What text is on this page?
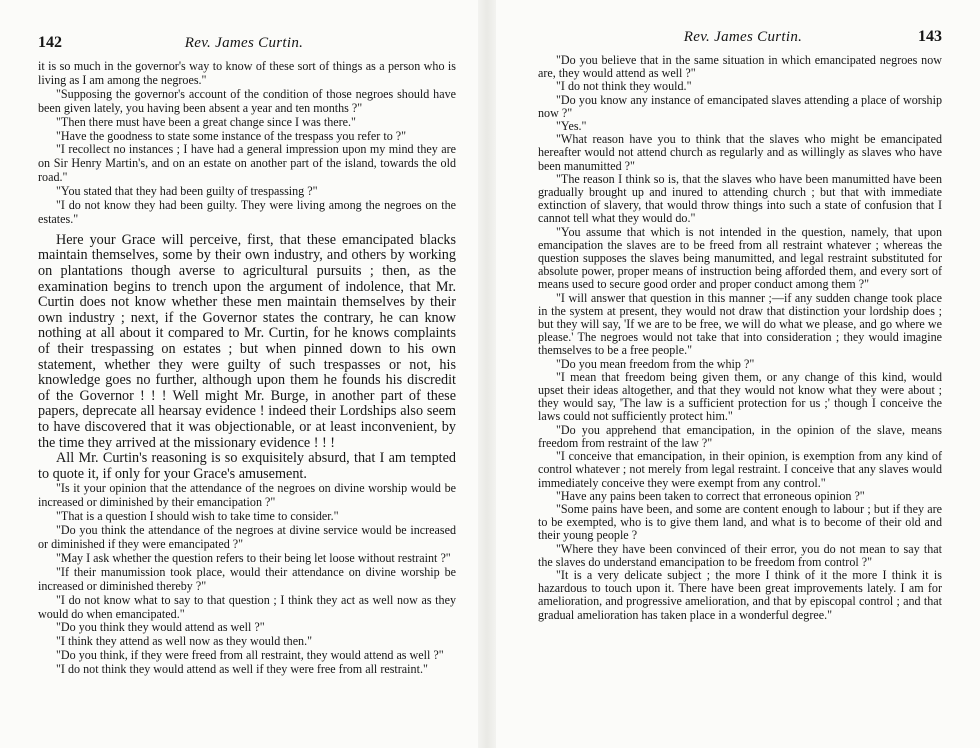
142	Rev. James Curtin.

it is so much in the governor's way to know of these sort of things as a person who is living as I am among the negroes."

"Supposing the governor's account of the condition of those negroes should have been given lately, you having been absent a year and ten months ?"

"Then there must have been a great change since I was there."

"Have the goodness to state some instance of the trespass you refer to ?"

"I recollect no instances ; I have had a general impression upon my mind they are on Sir Henry Martin's, and on an estate on another part of the island, towards the old road."

"You stated that they had been guilty of trespassing ?"

"I do not know they had been guilty. They were living among the negroes on the estates."

Here your Grace will perceive, first, that these emancipated blacks maintain themselves, some by their own industry, and others by working on plantations though averse to agricultural pursuits ; then, as the examination begins to trench upon the argument of indolence, that Mr. Curtin does not know whether these men maintain themselves by their own industry ; next, if the Governor states the contrary, he can know nothing at all about it compared to Mr. Curtin, for he knows complaints of their trespassing on estates ; but when pinned down to his own statement, whether they were guilty of such trespasses or not, his knowledge goes no further, although upon them he founds his discredit of the Governor ! ! ! Well might Mr. Burge, in another part of these papers, deprecate all hearsay evidence ! indeed their Lordships also seem to have discovered that it was objectionable, or at least inconvenient, by the time they arrived at the missionary evidence ! ! !

All Mr. Curtin's reasoning is so exquisitely absurd, that I am tempted to quote it, if only for your Grace's amusement.

"Is it your opinion that the attendance of the negroes on divine worship would be increased or diminished by their emancipation ?"

"That is a question I should wish to take time to consider."

"Do you think the attendance of the negroes at divine service would be increased or diminished if they were emancipated ?"

"May I ask whether the question refers to their being let loose without restraint ?"

"If their manumission took place, would their attendance on divine worship be increased or diminished thereby ?"

"I do not know what to say to that question ; I think they act as well now as they would do when emancipated."

"Do you think they would attend as well ?"

"I think they attend as well now as they would then."

"Do you think, if they were freed from all restraint, they would attend as well ?"

"I do not think they would attend as well if they were free from all restraint."

Rev. James Curtin.	143

"Do you believe that in the same situation in which emancipated negroes now are, they would attend as well ?"

"I do not think they would."

"Do you know any instance of emancipated slaves attending a place of worship now ?"

"Yes."

"What reason have you to think that the slaves who might be emancipated hereafter would not attend church as regularly and as willingly as slaves who have been manumitted ?"

"The reason I think so is, that the slaves who have been manumitted have been gradually brought up and inured to attending church ; but that with immediate extinction of slavery, that would throw things into such a state of confusion that I cannot tell what they would do."

"You assume that which is not intended in the question, namely, that upon emancipation the slaves are to be freed from all restraint whatever ; whereas the question supposes the slaves being manumitted, and legal restraint substituted for absolute power, proper means of instruction being afforded them, and every sort of means used to secure good order and proper conduct among them ?"

"I will answer that question in this manner ;—if any sudden change took place in the system at present, they would not draw that distinction your lordship does ; but they will say, 'If we are to be free, we will do what we please, and go where we please.' The negroes would not take that into consideration ; they would imagine themselves to be a free people."

"Do you mean freedom from the whip ?"

"I mean that freedom being given them, or any change of this kind, would upset their ideas altogether, and that they would not know what they were about ; they would say, 'The law is a sufficient protection for us ;' though I conceive the laws could not sufficiently protect him."

"Do you apprehend that emancipation, in the opinion of the slave, means freedom from restraint of the law ?"

"I conceive that emancipation, in their opinion, is exemption from any kind of control whatever ; not merely from legal restraint. I conceive that any slaves would immediately conceive they were exempt from any control."

"Have any pains been taken to correct that erroneous opinion ?"

"Some pains have been, and some are content enough to labour ; but if they are to be exempted, who is to give them land, and what is to become of their old and their young people ?

"Where they have been convinced of their error, you do not mean to say that the slaves do understand emancipation to be freedom from control ?"

"It is a very delicate subject ; the more I think of it the more I think it is hazardous to touch upon it. There have been great improvements lately. I am for amelioration, and progressive amelioration, and that by episcopal control ; and that gradual amelioration has taken place in a wonderful degree."
